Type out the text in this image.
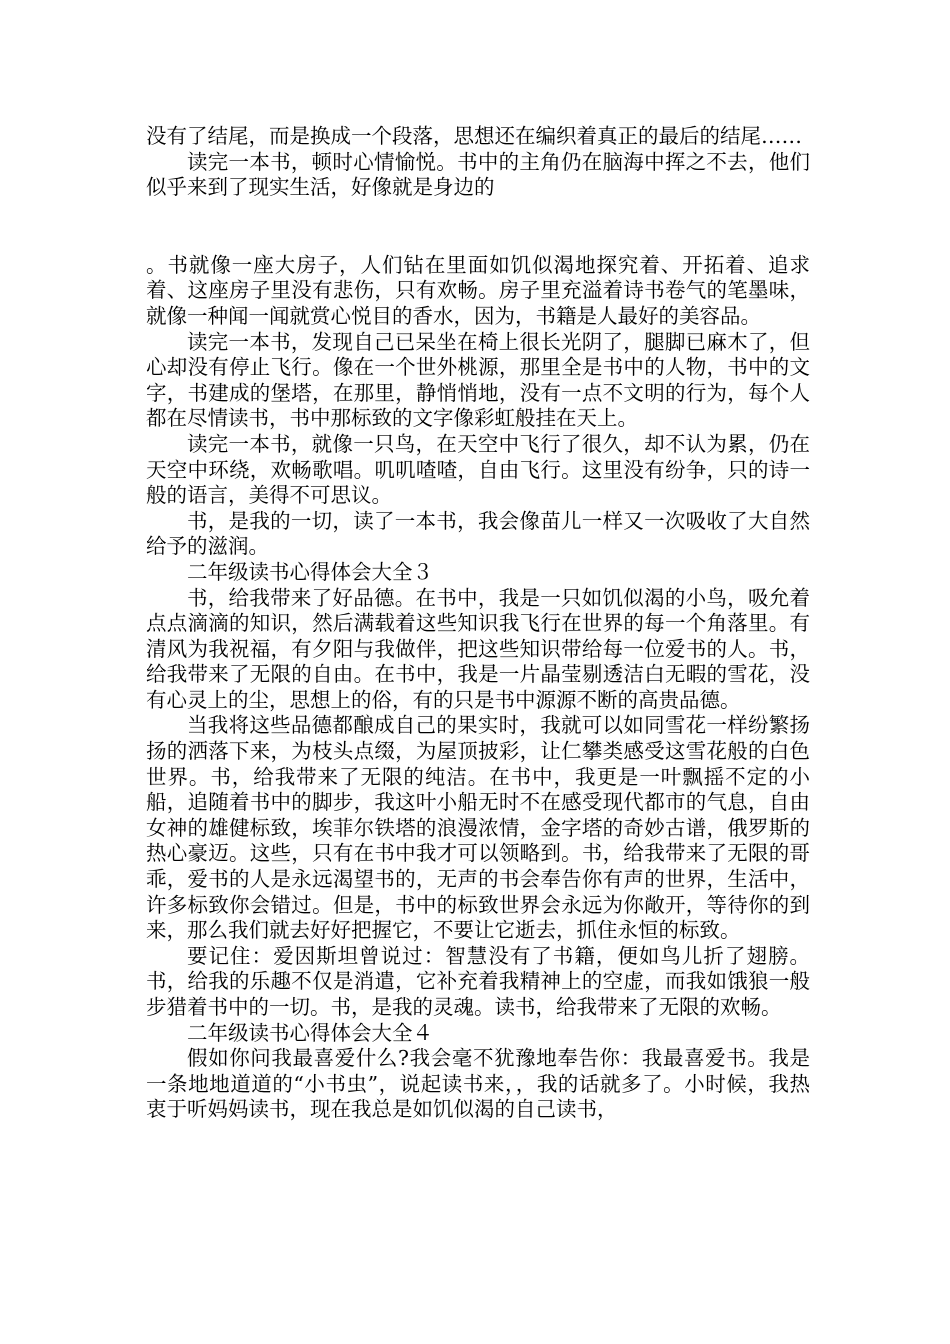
没有了结尾，而是换成一个段落，思想还在编织着真正的最后的结尾……

读完一本书，顿时心情愉悦。书中的主角仍在脑海中挥之不去，他们似乎来到了现实生活，好像就是身边的

。书就像一座大房子，人们钻在里面如饥似渴地探究着、开拓着、追求着、这座房子里没有悲伤，只有欢畅。房子里充溢着诗书卷气的笔墨味，就像一种闻一闻就赏心悦目的香水，因为，书籍是人最好的美容品。

读完一本书，发现自己已呆坐在椅上很长光阴了，腿脚已麻木了，但心却没有停止飞行。像在一个世外桃源，那里全是书中的人物，书中的文字，书建成的堡塔，在那里，静悄悄地，没有一点不文明的行为，每个人都在尽情读书，书中那标致的文字像彩虹般挂在天上。

读完一本书，就像一只鸟，在天空中飞行了很久，却不认为累，仍在天空中环绕，欢畅歌唱。叽叽喳喳，自由飞行。这里没有纷争，只的诗一般的语言，美得不可思议。

书，是我的一切，读了一本书，我会像苗儿一样又一次吸收了大自然给予的滋润。

二年级读书心得体会大全３

书，给我带来了好品德。在书中，我是一只如饥似渴的小鸟，吸允着点点滴滴的知识，然后满载着这些知识我飞行在世界的每一个角落里。有清风为我祝福，有夕阳与我做伴，把这些知识带给每一位爱书的人。书，给我带来了无限的自由。在书中，我是一片晶莹剔透洁白无暇的雪花，没有心灵上的尘，思想上的俗，有的只是书中源源不断的高贵品德。

当我将这些品德都酿成自己的果实时，我就可以如同雪花一样纷繁扬扬的洒落下来，为枝头点缀，为屋顶披彩，让仁攀类感受这雪花般的白色世界。书，给我带来了无限的纯洁。在书中，我更是一叶飘摇不定的小船，追随着书中的脚步，我这叶小船无时不在感受现代都市的气息，自由女神的雄健标致，埃菲尔铁塔的浪漫浓情，金字塔的奇妙古谱，俄罗斯的热心豪迈。这些，只有在书中我才可以领略到。书，给我带来了无限的哥乖，爱书的人是永远渴望书的，无声的书会奉告你有声的世界，生活中，许多标致你会错过。但是，书中的标致世界会永远为你敞开，等待你的到来，那么我们就去好好把握它，不要让它逝去，抓住永恒的标致。

要记住：爱因斯坦曾说过：智慧没有了书籍，便如鸟儿折了翅膀。书，给我的乐趣不仅是消遣，它补充着我精神上的空虚，而我如饿狼一般步猎着书中的一切。书，是我的灵魂。读书，给我带来了无限的欢畅。

二年级读书心得体会大全４

假如你问我最喜爱什么?我会毫不犹豫地奉告你：我最喜爱书。我是一条地地道道的“小书虫”，说起读书来，，我的话就多了。小时候，我热衷于听妈妈读书，现在我总是如饥似渴的自己读书，
